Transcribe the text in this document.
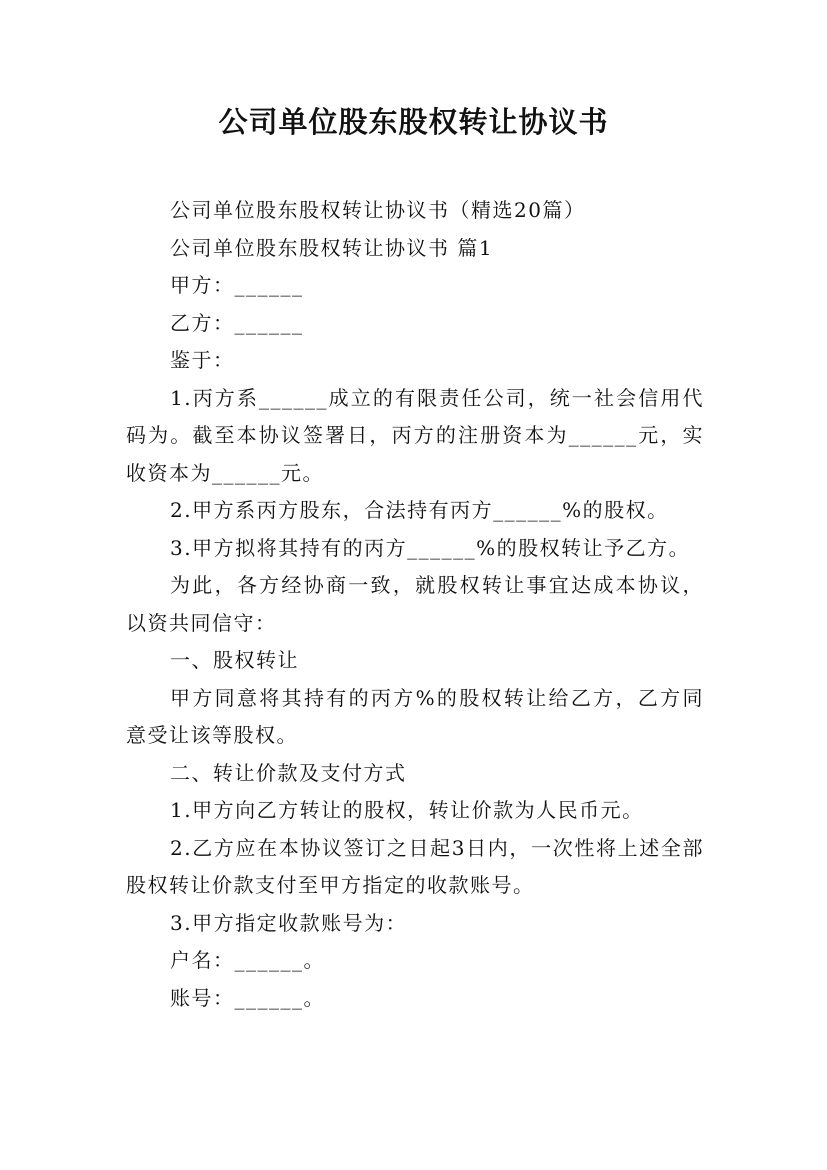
公司单位股东股权转让协议书

公司单位股东股权转让协议书（精选20篇）

公司单位股东股权转让协议书 篇1

甲方：______

乙方：______

鉴于：

1.丙方系______成立的有限责任公司，统一社会信用代码为。截至本协议签署日，丙方的注册资本为______元，实收资本为______元。

2.甲方系丙方股东，合法持有丙方______%的股权。

3.甲方拟将其持有的丙方______%的股权转让予乙方。

为此，各方经协商一致，就股权转让事宜达成本协议，以资共同信守：

一、股权转让

甲方同意将其持有的丙方%的股权转让给乙方，乙方同意受让该等股权。

二、转让价款及支付方式

1.甲方向乙方转让的股权，转让价款为人民币元。

2.乙方应在本协议签订之日起3日内，一次性将上述全部股权转让价款支付至甲方指定的收款账号。

3.甲方指定收款账号为：

户名：______。

账号：______。
